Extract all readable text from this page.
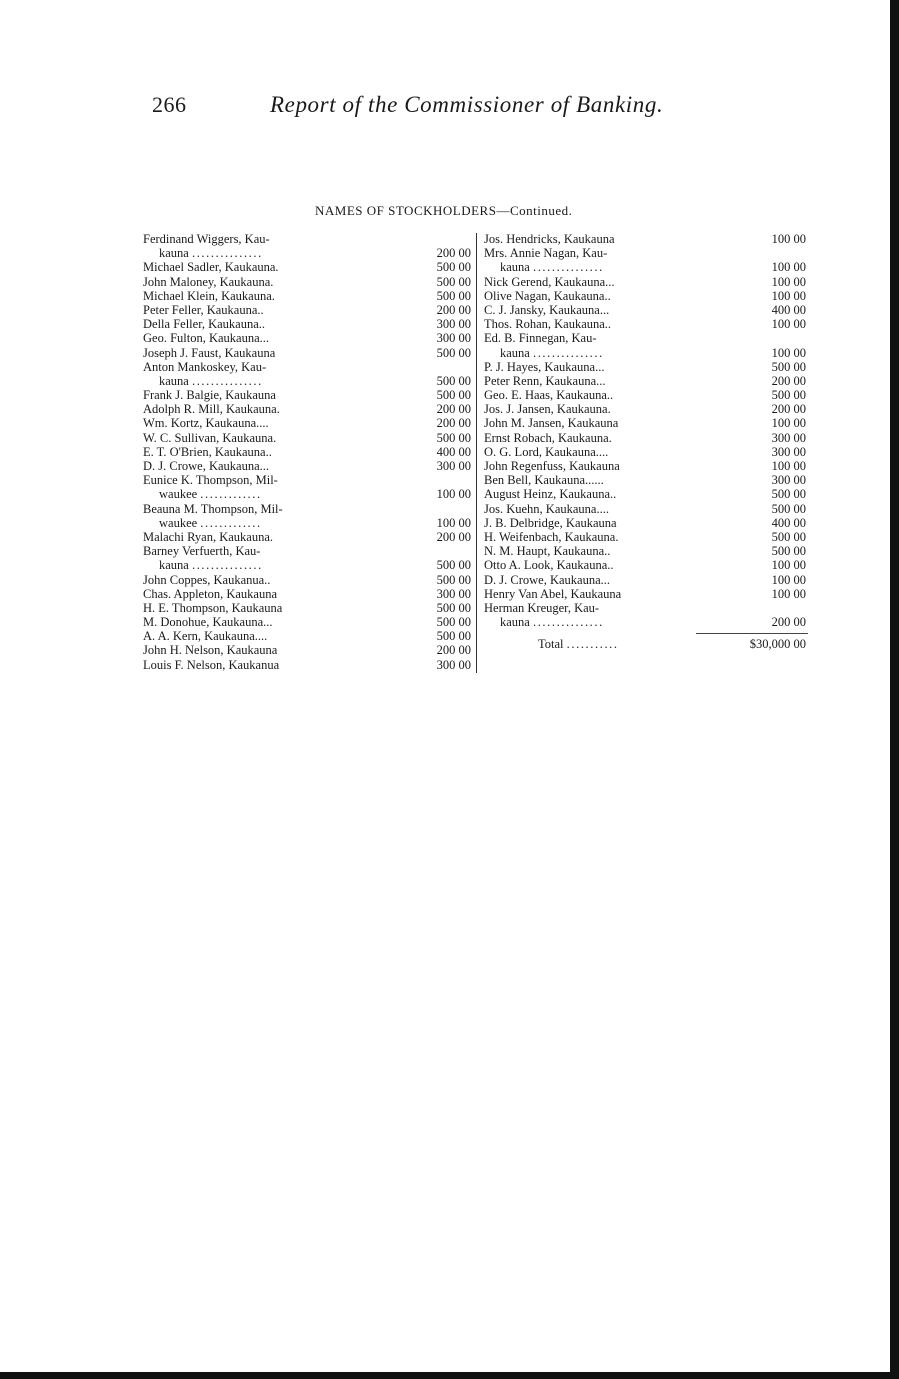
266	Report of the Commissioner of Banking.
NAMES OF STOCKHOLDERS—Continued.
Ferdinand Wiggers, Kau-
kauna ...............	200 00
Michael Sadler, Kaukauna.	500 00
John Maloney, Kaukauna.	500 00
Michael Klein, Kaukauna.	500 00
Peter Feller, Kaukauna..	200 00
Della Feller, Kaukauna..	300 00
Geo. Fulton, Kaukauna...	300 00
Joseph J. Faust, Kaukauna	500 00
Anton Mankoskey, Kau-
kauna ...............	500 00
Frank J. Balgie, Kaukauna	500 00
Adolph R. Mill, Kaukauna.	200 00
Wm. Kortz, Kaukauna....	200 00
W. C. Sullivan, Kaukauna.	500 00
E. T. O'Brien, Kaukauna..	400 00
D. J. Crowe, Kaukauna...	300 00
Eunice K. Thompson, Mil-
waukee .............	100 00
Beauna M. Thompson, Mil-
waukee .............	100 00
Malachi Ryan, Kaukauna.	200 00
Barney Verfuerth, Kau-
kauna ...............	500 00
John Coppes, Kaukanua..	500 00
Chas. Appleton, Kaukauna	300 00
H. E. Thompson, Kaukauna	500 00
M. Donohue, Kaukauna...	500 00
A. A. Kern, Kaukauna....	500 00
John H. Nelson, Kaukauna	200 00
Louis F. Nelson, Kaukanua	300 00
Jos. Hendricks, Kaukauna	100 00
Mrs. Annie Nagan, Kau-
kauna ...............	100 00
Nick Gerend, Kaukauna...	100 00
Olive Nagan, Kaukauna..	100 00
C. J. Jansky, Kaukauna...	400 00
Thos. Rohan, Kaukauna..	100 00
Ed. B. Finnegan, Kau-
kauna ...............	100 00
P. J. Hayes, Kaukauna...	500 00
Peter Renn, Kaukauna...	200 00
Geo. E. Haas, Kaukauna..	500 00
Jos. J. Jansen, Kaukauna.	200 00
John M. Jansen, Kaukauna	100 00
Ernst Robach, Kaukauna.	300 00
O. G. Lord, Kaukauna....	300 00
John Regenfuss, Kaukauna	100 00
Ben Bell, Kaukauna......	300 00
August Heinz, Kaukauna..	500 00
Jos. Kuehn, Kaukauna....	500 00
J. B. Delbridge, Kaukauna	400 00
H. Weifenbach, Kaukauna.	500 00
N. M. Haupt, Kaukauna..	500 00
Otto A. Look, Kaukauna..	100 00
D. J. Crowe, Kaukauna...	100 00
Henry Van Abel, Kaukauna	100 00
Herman Kreuger, Kau-
kauna ...............	200 00
Total ...........	$30,000 00
